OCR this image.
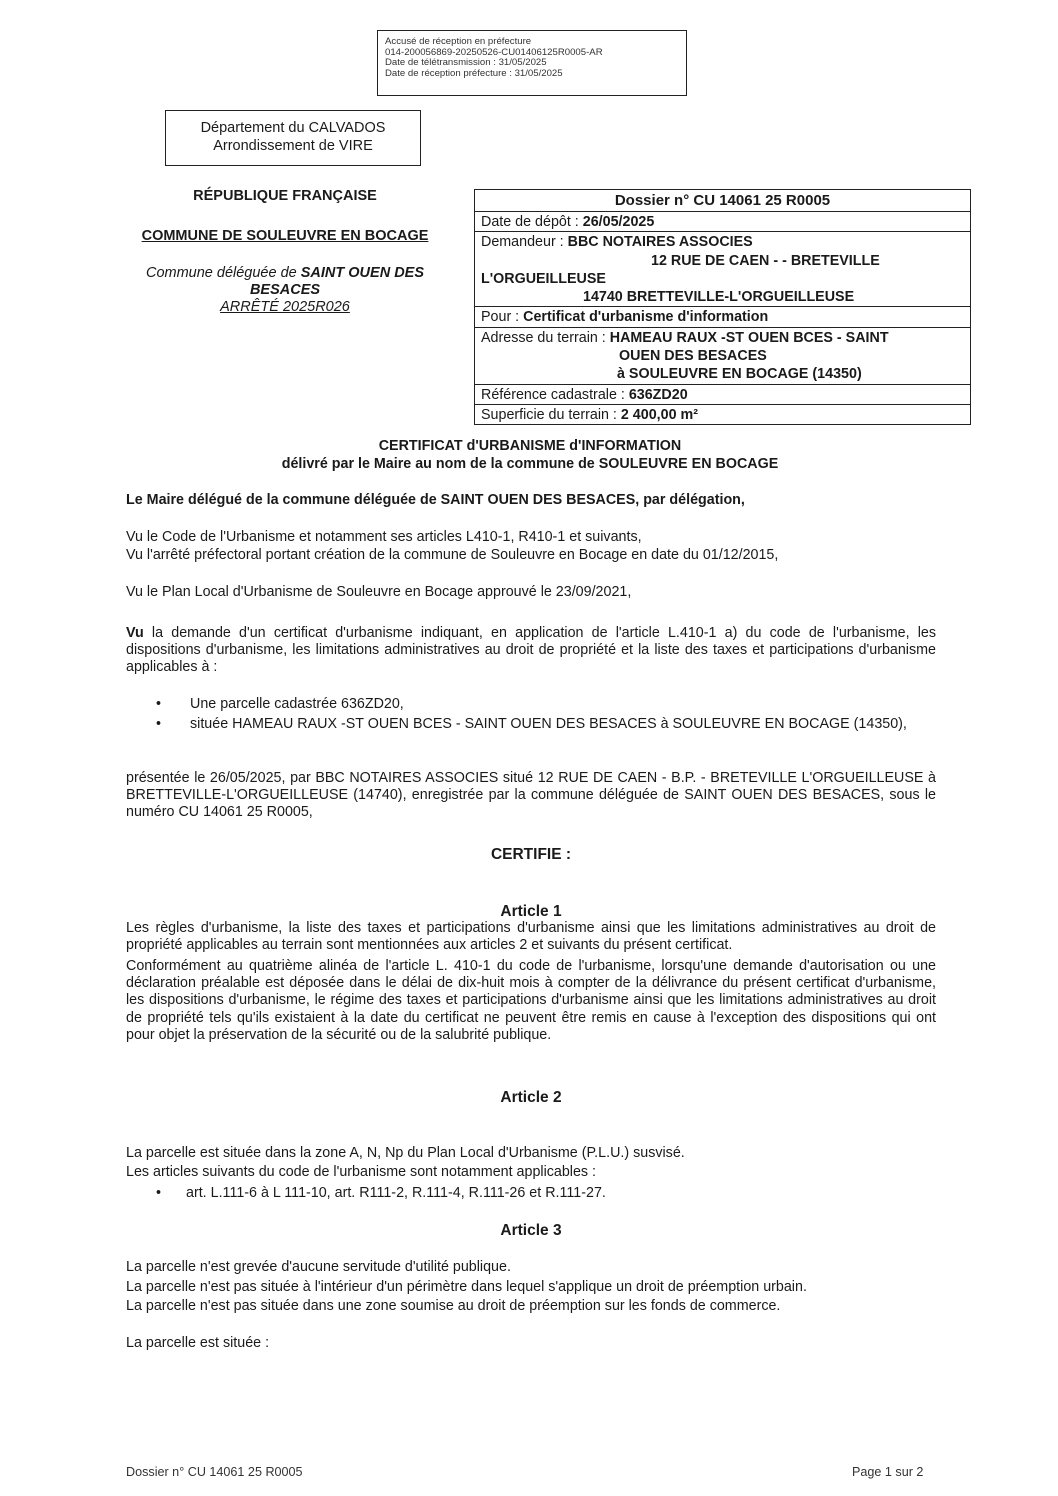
Accusé de réception en préfecture
014-200056869-20250526-CU01406125R0005-AR
Date de télétransmission : 31/05/2025
Date de réception préfecture : 31/05/2025
Département du CALVADOS
Arrondissement de VIRE
RÉPUBLIQUE FRANÇAISE
COMMUNE DE SOULEUVRE EN BOCAGE
Commune déléguée de SAINT OUEN DES BESACES
ARRÊTÉ 2025R026
Dossier n° CU 14061 25 R0005
Date de dépôt : 26/05/2025
Demandeur : BBC NOTAIRES ASSOCIES
12 RUE DE CAEN - - BRETEVILLE
L'ORGUEILLEUSE
14740 BRETTEVILLE-L'ORGUEILLEUSE
Pour : Certificat d'urbanisme d'information
Adresse du terrain : HAMEAU RAUX -ST OUEN BCES - SAINT
OUEN DES BESACES
à SOULEUVRE EN BOCAGE (14350)
Référence cadastrale : 636ZD20
Superficie du terrain : 2 400,00 m²
CERTIFICAT d'URBANISME d'INFORMATION
délivré par le Maire au nom de la commune de SOULEUVRE EN BOCAGE
Le Maire délégué de la commune déléguée de SAINT OUEN DES BESACES, par délégation,
Vu le Code de l'Urbanisme et notamment ses articles L410-1, R410-1 et suivants,
Vu l'arrêté préfectoral portant création de la commune de Souleuvre en Bocage en date du 01/12/2015,
Vu le Plan Local d'Urbanisme de Souleuvre en Bocage approuvé le 23/09/2021,
Vu la demande d'un certificat d'urbanisme indiquant, en application de l'article L.410-1 a) du code de l'urbanisme, les dispositions d'urbanisme, les limitations administratives au droit de propriété et la liste des taxes et participations d'urbanisme applicables à :
• Une parcelle cadastrée 636ZD20,
• située HAMEAU RAUX -ST OUEN BCES - SAINT OUEN DES BESACES à SOULEUVRE EN BOCAGE (14350),
présentée le 26/05/2025, par BBC NOTAIRES ASSOCIES situé 12 RUE DE CAEN - B.P. - BRETEVILLE L'ORGUEILLEUSE à BRETTEVILLE-L'ORGUEILLEUSE (14740), enregistrée par la commune déléguée de SAINT OUEN DES BESACES, sous le numéro CU 14061 25 R0005,
CERTIFIE :
Article 1
Les règles d'urbanisme, la liste des taxes et participations d'urbanisme ainsi que les limitations administratives au droit de propriété applicables au terrain sont mentionnées aux articles 2 et suivants du présent certificat.
Conformément au quatrième alinéa de l'article L. 410-1 du code de l'urbanisme, lorsqu'une demande d'autorisation ou une déclaration préalable est déposée dans le délai de dix-huit mois à compter de la délivrance du présent certificat d'urbanisme, les dispositions d'urbanisme, le régime des taxes et participations d'urbanisme ainsi que les limitations administratives au droit de propriété tels qu'ils existaient à la date du certificat ne peuvent être remis en cause à l'exception des dispositions qui ont pour objet la préservation de la sécurité ou de la salubrité publique.
Article 2
La parcelle est située dans la zone A, N, Np du Plan Local d'Urbanisme (P.L.U.) susvisé.
Les articles suivants du code de l'urbanisme sont notamment applicables :
• art. L.111-6 à L 111-10, art. R111-2, R.111-4, R.111-26 et R.111-27.
Article 3
La parcelle n'est grevée d'aucune servitude d'utilité publique.
La parcelle n'est pas située à l'intérieur d'un périmètre dans lequel s'applique un droit de préemption urbain.
La parcelle n'est pas située dans une zone soumise au droit de préemption sur les fonds de commerce.
La parcelle est située :
Dossier n° CU 14061 25 R0005	Page 1 sur 2
